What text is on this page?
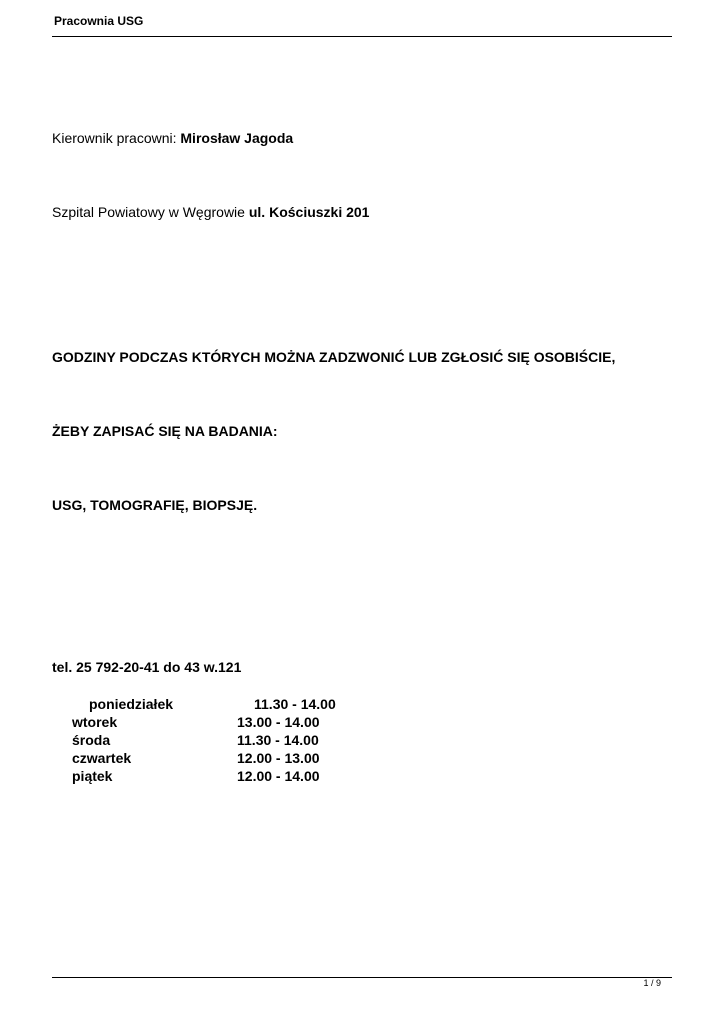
Pracownia USG
Kierownik pracowni: Mirosław Jagoda
Szpital Powiatowy w Węgrowie ul. Kościuszki 201
GODZINY PODCZAS KTÓRYCH MOŻNA ZADZWONIĆ LUB ZGŁOSIĆ SIĘ OSOBIŚCIE,
ŻEBY ZAPISAĆ SIĘ NA BADANIA:
USG, TOMOGRAFIĘ, BIOPSJĘ.
tel. 25 792-20-41 do 43 w.121
poniedziałek	11.30 - 14.00
wtorek	13.00 - 14.00
środa	11.30 - 14.00
czwartek	12.00 - 13.00
piątek	12.00 - 14.00
1 / 9
